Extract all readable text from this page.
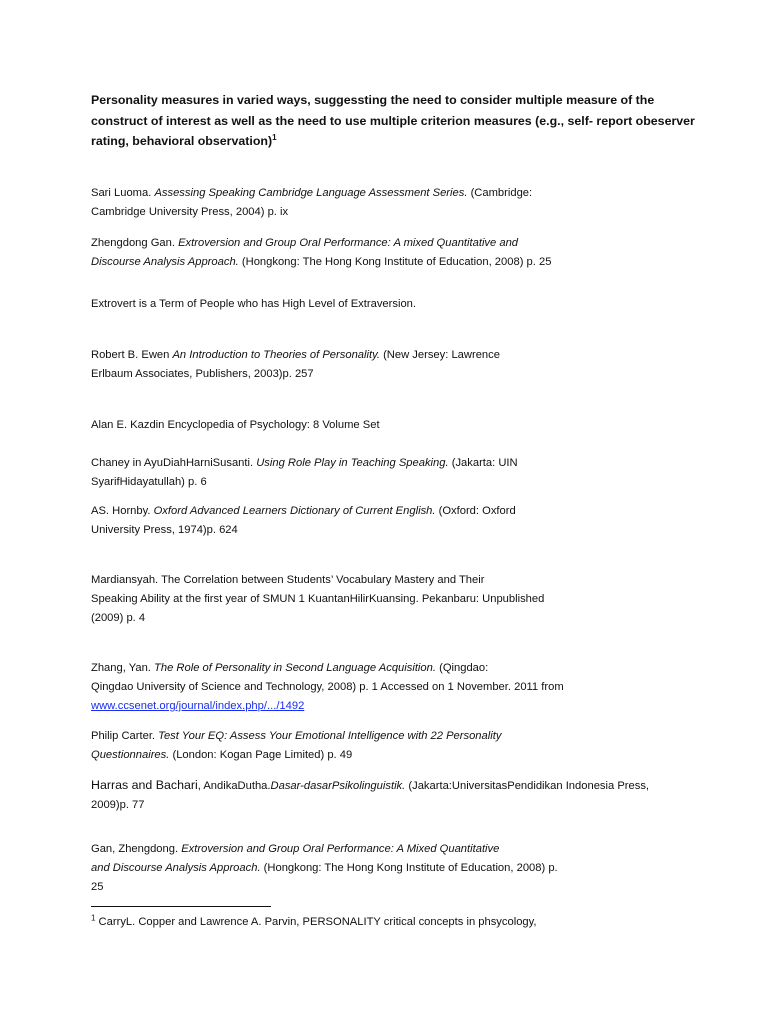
Personality measures in varied ways, suggessting the need to consider multiple measure of the
construct of interest as well as the need to use multiple criterion measures (e.g., self- report obeserver
rating, behavioral observation)$^1$
Sari Luoma. Assessing Speaking Cambridge Language Assessment Series. (Cambridge:
Cambridge University Press, 2004) p. ix
Zhengdong Gan. Extroversion and Group Oral Performance: A mixed Quantitative and
Discourse Analysis Approach. (Hongkong: The Hong Kong Institute of Education, 2008) p. 25
Extrovert is a Term of People who has High Level of Extraversion.
Robert B. Ewen An Introduction to Theories of Personality. (New Jersey: Lawrence
Erlbaum Associates, Publishers, 2003)p. 257
Alan E. Kazdin Encyclopedia of Psychology: 8 Volume Set
Chaney in AyuDiahHarniSusanti. Using Role Play in Teaching Speaking. (Jakarta: UIN
SyarifHidayatullah) p. 6
AS. Hornby. Oxford Advanced Learners Dictionary of Current English. (Oxford: Oxford
University Press, 1974)p. 624
Mardiansyah. The Correlation between Students’ Vocabulary Mastery and Their
Speaking Ability at the first year of SMUN 1 KuantanHilirKuansing. Pekanbaru: Unpublished
(2009) p. 4
Zhang, Yan. The Role of Personality in Second Language Acquisition. (Qingdao:
Qingdao University of Science and Technology, 2008) p. 1 Accessed on 1 November. 2011 from
www.ccsenet.org/journal/index.php/.../1492
Philip Carter. Test Your EQ: Assess Your Emotional Intelligence with 22 Personality
Questionnaires. (London: Kogan Page Limited) p. 49
Harras and Bachari, AndikaDutha.Dasar-dasarPsikolinguistik. (Jakarta:UniversitasPendidikan Indonesia Press,
2009)p. 77
Gan, Zhengdong. Extroversion and Group Oral Performance: A Mixed Quantitative
and Discourse Analysis Approach. (Hongkong: The Hong Kong Institute of Education, 2008) p.
25
$^1$ CarryL. Copper and Lawrence A. Parvin, PERSONALITY critical concepts in phsycology,
